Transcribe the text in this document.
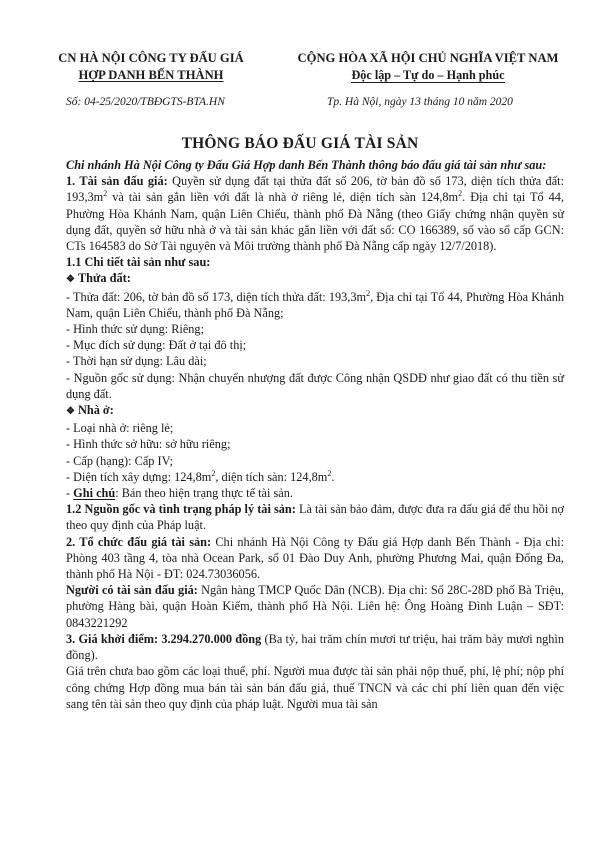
CN HÀ NỘI CÔNG TY ĐẤU GIÁ
HỢP DANH BẾN THÀNH
CỘNG HÒA XÃ HỘI CHỦ NGHĨA VIỆT NAM
Độc lập – Tự do – Hạnh phúc
Số: 04-25/2020/TBĐGTS-BTA.HN	Tp. Hà Nội, ngày 13 tháng 10 năm 2020
THÔNG BÁO ĐẤU GIÁ TÀI SẢN

Chi nhánh Hà Nội Công ty Đấu Giá Hợp danh Bến Thành thông báo đấu giá tài sản như sau:

1. Tài sản đấu giá: Quyền sử dụng đất tại thửa đất số 206, tờ bản đồ số 173, diện tích thửa đất: $193,3m^2$ và tài sản gắn liền với đất là nhà ở riêng lẻ, diện tích sàn $124,8m^2$. Địa chỉ tại Tổ 44, Phường Hòa Khánh Nam, quận Liên Chiểu, thành phố Đà Nẵng (theo Giấy chứng nhận quyền sử dụng đất, quyền sở hữu nhà ở và tài sản khác gắn liền với đất số: CO 166389, số vào sổ cấp GCN: CTs 164583 do Sở Tài nguyên và Môi trường thành phố Đà Nẵng cấp ngày 12/7/2018).

1.1 Chi tiết tài sản như sau:

❖ Thửa đất:

- Thửa đất: 206, tờ bản đồ số 173, diện tích thửa đất: $193,3m^2$, Địa chỉ tại Tổ 44, Phường Hòa Khánh Nam, quận Liên Chiểu, thành phố Đà Nẵng;

- Hình thức sử dụng: Riêng;

- Mục đích sử dụng: Đất ở tại đô thị;

- Thời hạn sử dụng: Lâu dài;

- Nguồn gốc sử dụng: Nhận chuyển nhượng đất được Công nhận QSDĐ như giao đất có thu tiền sử dụng đất.

❖ Nhà ở:

- Loại nhà ở: riêng lẻ;

- Hình thức sở hữu: sở hữu riêng;

- Cấp (hạng): Cấp IV;

- Diện tích xây dựng: $124,8m^2$, diện tích sàn: $124,8m^2$.

- Ghi chú: Bán theo hiện trạng thực tế tài sản.

1.2 Nguồn gốc và tình trạng pháp lý tài sản: Là tài sản bảo đảm, được đưa ra đấu giá để thu hồi nợ theo quy định của Pháp luật.

2. Tổ chức đấu giá tài sản: Chi nhánh Hà Nội Công ty Đấu giá Hợp danh Bến Thành - Địa chỉ: Phòng 403 tầng 4, tòa nhà Ocean Park, số 01 Đào Duy Anh, phường Phương Mai, quận Đống Đa, thành phố Hà Nội - ĐT: 024.73036056.

Người có tài sản đấu giá: Ngân hàng TMCP Quốc Dân (NCB). Địa chỉ: Số 28C-28D phố Bà Triệu, phường Hàng bài, quận Hoàn Kiếm, thành phố Hà Nội. Liên hệ: Ông Hoàng Đình Luận – SĐT: 0843221292

3. Giá khởi điểm: 3.294.270.000 đồng (Ba tỷ, hai trăm chín mươi tư triệu, hai trăm bảy mươi nghìn đồng).

Giá trên chưa bao gồm các loại thuế, phí. Người mua được tài sản phải nộp thuế, phí, lệ phí; nộp phí công chứng Hợp đồng mua bán tài sản bán đấu giá, thuế TNCN và các chi phí liên quan đến việc sang tên tài sản theo quy định của pháp luật. Người mua tài sản
